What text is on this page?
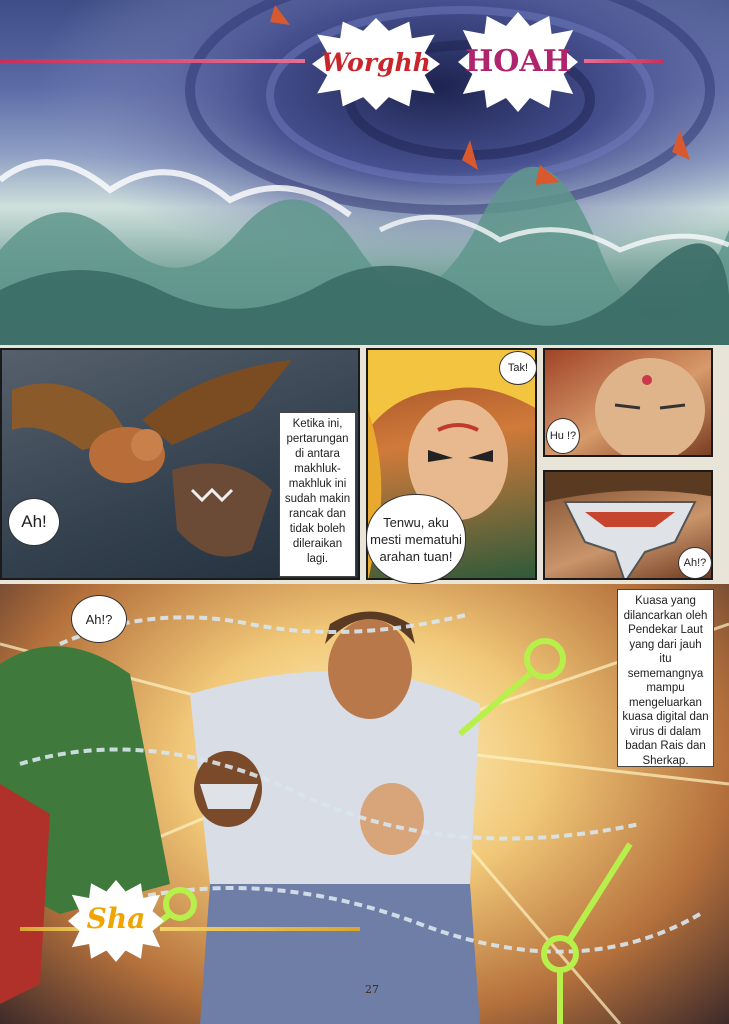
Worghh HOAH
Ah!
Ketika ini, pertarungan di antara makhluk-makhluk ini sudah makin rancak dan tidak boleh dileraikan lagi.
Tak!
Tenwu, aku mesti mematuhi arahan tuan!
Hu !?
Ah!?
Ah!?
Kuasa yang dilancarkan oleh Pendekar Laut yang dari jauh itu sememangnya mampu mengeluarkan kuasa digital dan virus di dalam badan Rais dan Sherkap.
Sha
27
